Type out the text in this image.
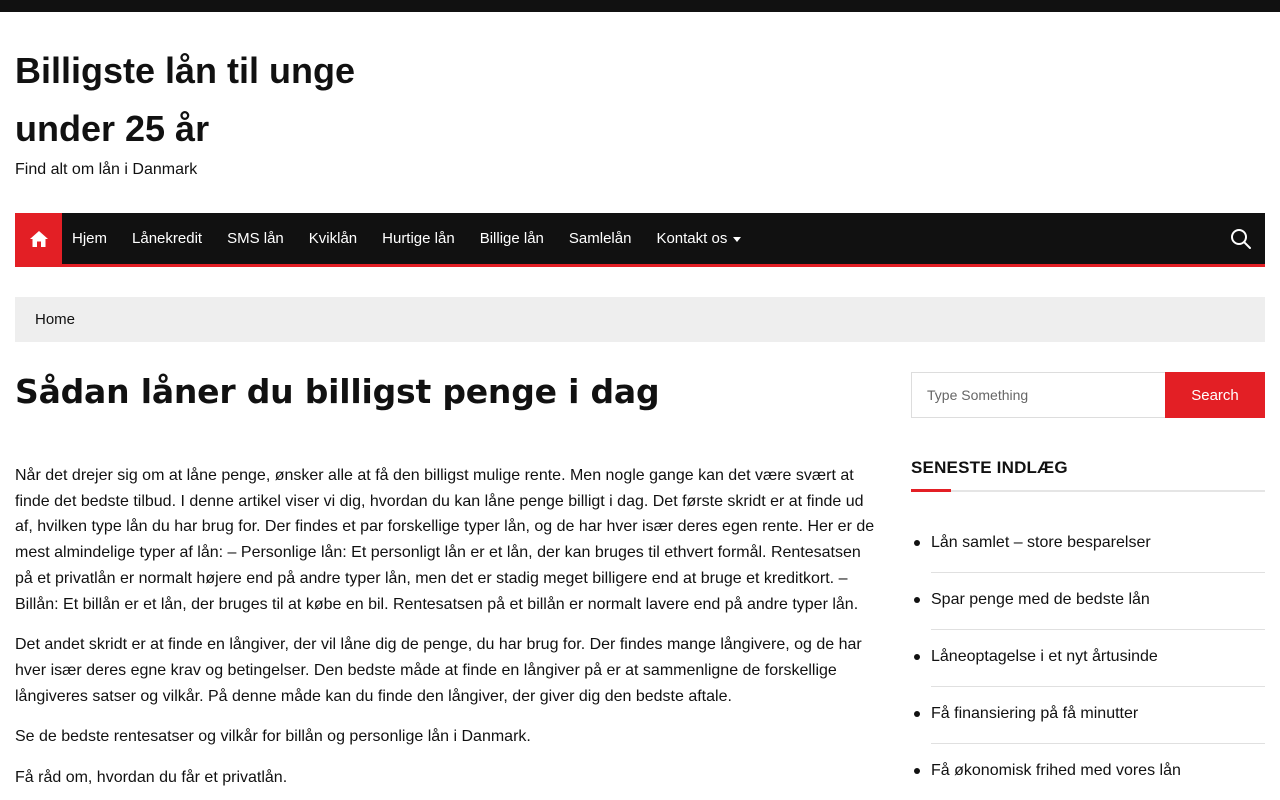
Billigste lån til unge under 25 år
Find alt om lån i Danmark
Hjem Lånekredit SMS lån Kviklån Hurtige lån Billige lån Samlelån Kontakt os
Home
Sådan låner du billigst penge i dag

Når det drejer sig om at låne penge, ønsker alle at få den billigst mulige rente. Men nogle gange kan det være svært at finde det bedste tilbud. I denne artikel viser vi dig, hvordan du kan låne penge billigt i dag. Det første skridt er at finde ud af, hvilken type lån du har brug for. Der findes et par forskellige typer lån, og de har hver især deres egen rente. Her er de mest almindelige typer af lån: – Personlige lån: Et personligt lån er et lån, der kan bruges til ethvert formål. Rentesatsen på et privatlån er normalt højere end på andre typer lån, men det er stadig meget billigere end at bruge et kreditkort. – Billån: Et billån er et lån, der bruges til at købe en bil. Rentesatsen på et billån er normalt lavere end på andre typer lån.

Det andet skridt er at finde en långiver, der vil låne dig de penge, du har brug for. Der findes mange långivere, og de har hver især deres egne krav og betingelser. Den bedste måde at finde en långiver på er at sammenligne de forskellige långiveres satser og vilkår. På denne måde kan du finde den långiver, der giver dig den bedste aftale.

Se de bedste rentesatser og vilkår for billån og personlige lån i Danmark.

Få råd om, hvordan du får et privatlån.

Type Something
Search
SENESTE INDLÆG
Lån samlet – store besparelser
Spar penge med de bedste lån
Låneoptagelse i et nyt årtusinde
Få finansiering på få minutter
Få økonomisk frihed med vores lån
